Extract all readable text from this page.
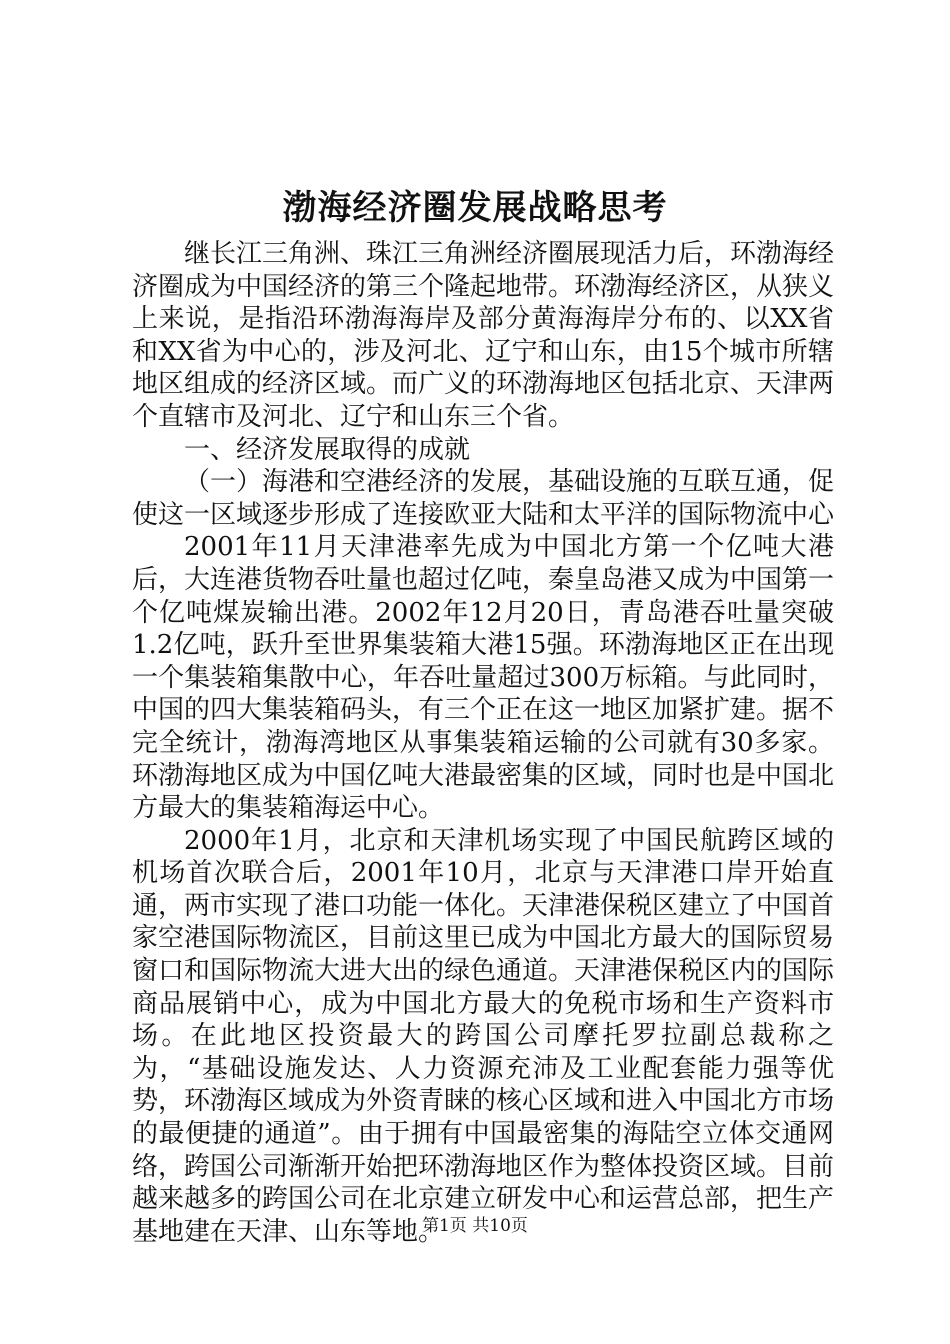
渤海经济圈发展战略思考

继长江三角洲、珠江三角洲经济圈展现活力后，环渤海经济圈成为中国经济的第三个隆起地带。环渤海经济区，从狭义上来说，是指沿环渤海海岸及部分黄海海岸分布的、以XX省和XX省为中心的，涉及河北、辽宁和山东，由15个城市所辖地区组成的经济区域。而广义的环渤海地区包括北京、天津两个直辖市及河北、辽宁和山东三个省。

一、经济发展取得的成就

（一）海港和空港经济的发展，基础设施的互联互通，促使这一区域逐步形成了连接欧亚大陆和太平洋的国际物流中心

2001年11月天津港率先成为中国北方第一个亿吨大港后，大连港货物吞吐量也超过亿吨，秦皇岛港又成为中国第一个亿吨煤炭输出港。2002年12月20日，青岛港吞吐量突破1.2亿吨，跃升至世界集装箱大港15强。环渤海地区正在出现一个集装箱集散中心，年吞吐量超过300万标箱。与此同时，中国的四大集装箱码头，有三个正在这一地区加紧扩建。据不完全统计，渤海湾地区从事集装箱运输的公司就有30多家。环渤海地区成为中国亿吨大港最密集的区域，同时也是中国北方最大的集装箱海运中心。

2000年1月，北京和天津机场实现了中国民航跨区域的机场首次联合后，2001年10月，北京与天津港口岸开始直通，两市实现了港口功能一体化。天津港保税区建立了中国首家空港国际物流区，目前这里已成为中国北方最大的国际贸易窗口和国际物流大进大出的绿色通道。天津港保税区内的国际商品展销中心，成为中国北方最大的免税市场和生产资料市场。在此地区投资最大的跨国公司摩托罗拉副总裁称之为，“基础设施发达、人力资源充沛及工业配套能力强等优势，环渤海区域成为外资青睐的核心区域和进入中国北方市场的最便捷的通道”。由于拥有中国最密集的海陆空立体交通网络，跨国公司渐渐开始把环渤海地区作为整体投资区域。目前越来越多的跨国公司在北京建立研发中心和运营总部，把生产基地建在天津、山东等地。

第1页 共10页
